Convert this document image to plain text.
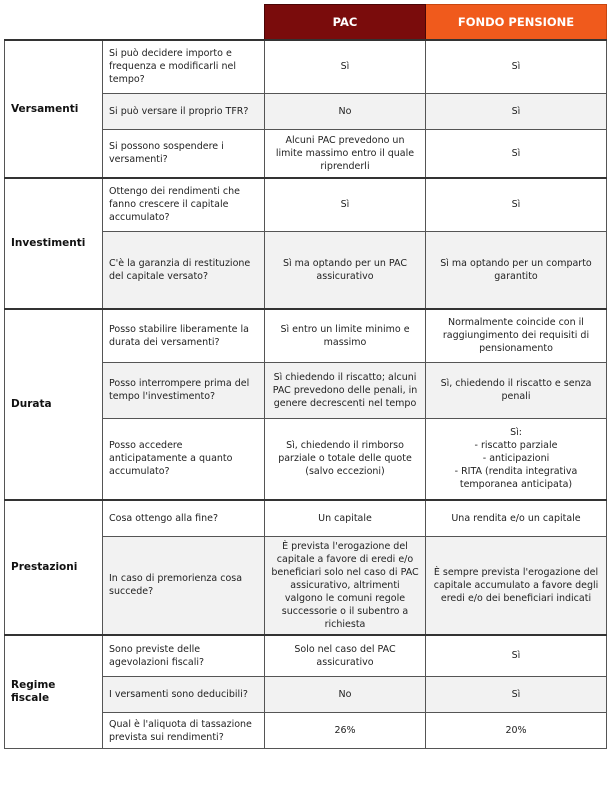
		PAC	FONDO PENSIONE
Versamenti	Si può decidere importo e frequenza e modificarli nel tempo?	Sì	Sì
	Si può versare il proprio TFR?	No	Sì
	Si possono sospendere i versamenti?	Alcuni PAC prevedono un limite massimo entro il quale riprenderli	Sì
Investimenti	Ottengo dei rendimenti che fanno crescere il capitale accumulato?	Sì	Sì
	C'è la garanzia di restituzione del capitale versato?	Sì ma optando per un PAC assicurativo	Sì ma optando per un comparto garantito
Durata	Posso stabilire liberamente la durata dei versamenti?	Sì entro un limite minimo e massimo	Normalmente coincide con il raggiungimento dei requisiti di pensionamento
	Posso interrompere prima del tempo l'investimento?	Sì chiedendo il riscatto; alcuni PAC prevedono delle penali, in genere decrescenti nel tempo	Sì, chiedendo il riscatto e senza penali
	Posso accedere anticipatamente a quanto accumulato?	Sì, chiedendo il rimborso parziale o totale delle quote (salvo eccezioni)	Sì:
- riscatto parziale
- anticipazioni
- RITA (rendita integrativa temporanea anticipata)
Prestazioni	Cosa ottengo alla fine?	Un capitale	Una rendita e/o un capitale
	In caso di premorienza cosa succede?	È prevista l'erogazione del capitale a favore di eredi e/o beneficiari solo nel caso di PAC assicurativo, altrimenti valgono le comuni regole successorie o il subentro a richiesta	È sempre prevista l'erogazione del capitale accumulato a favore degli eredi e/o dei beneficiari indicati
Regime fiscale	Sono previste delle agevolazioni fiscali?	Solo nel caso del PAC assicurativo	Sì
	I versamenti sono deducibili?	No	Sì
	Qual è l'aliquota di tassazione prevista sui rendimenti?	26%	20%
